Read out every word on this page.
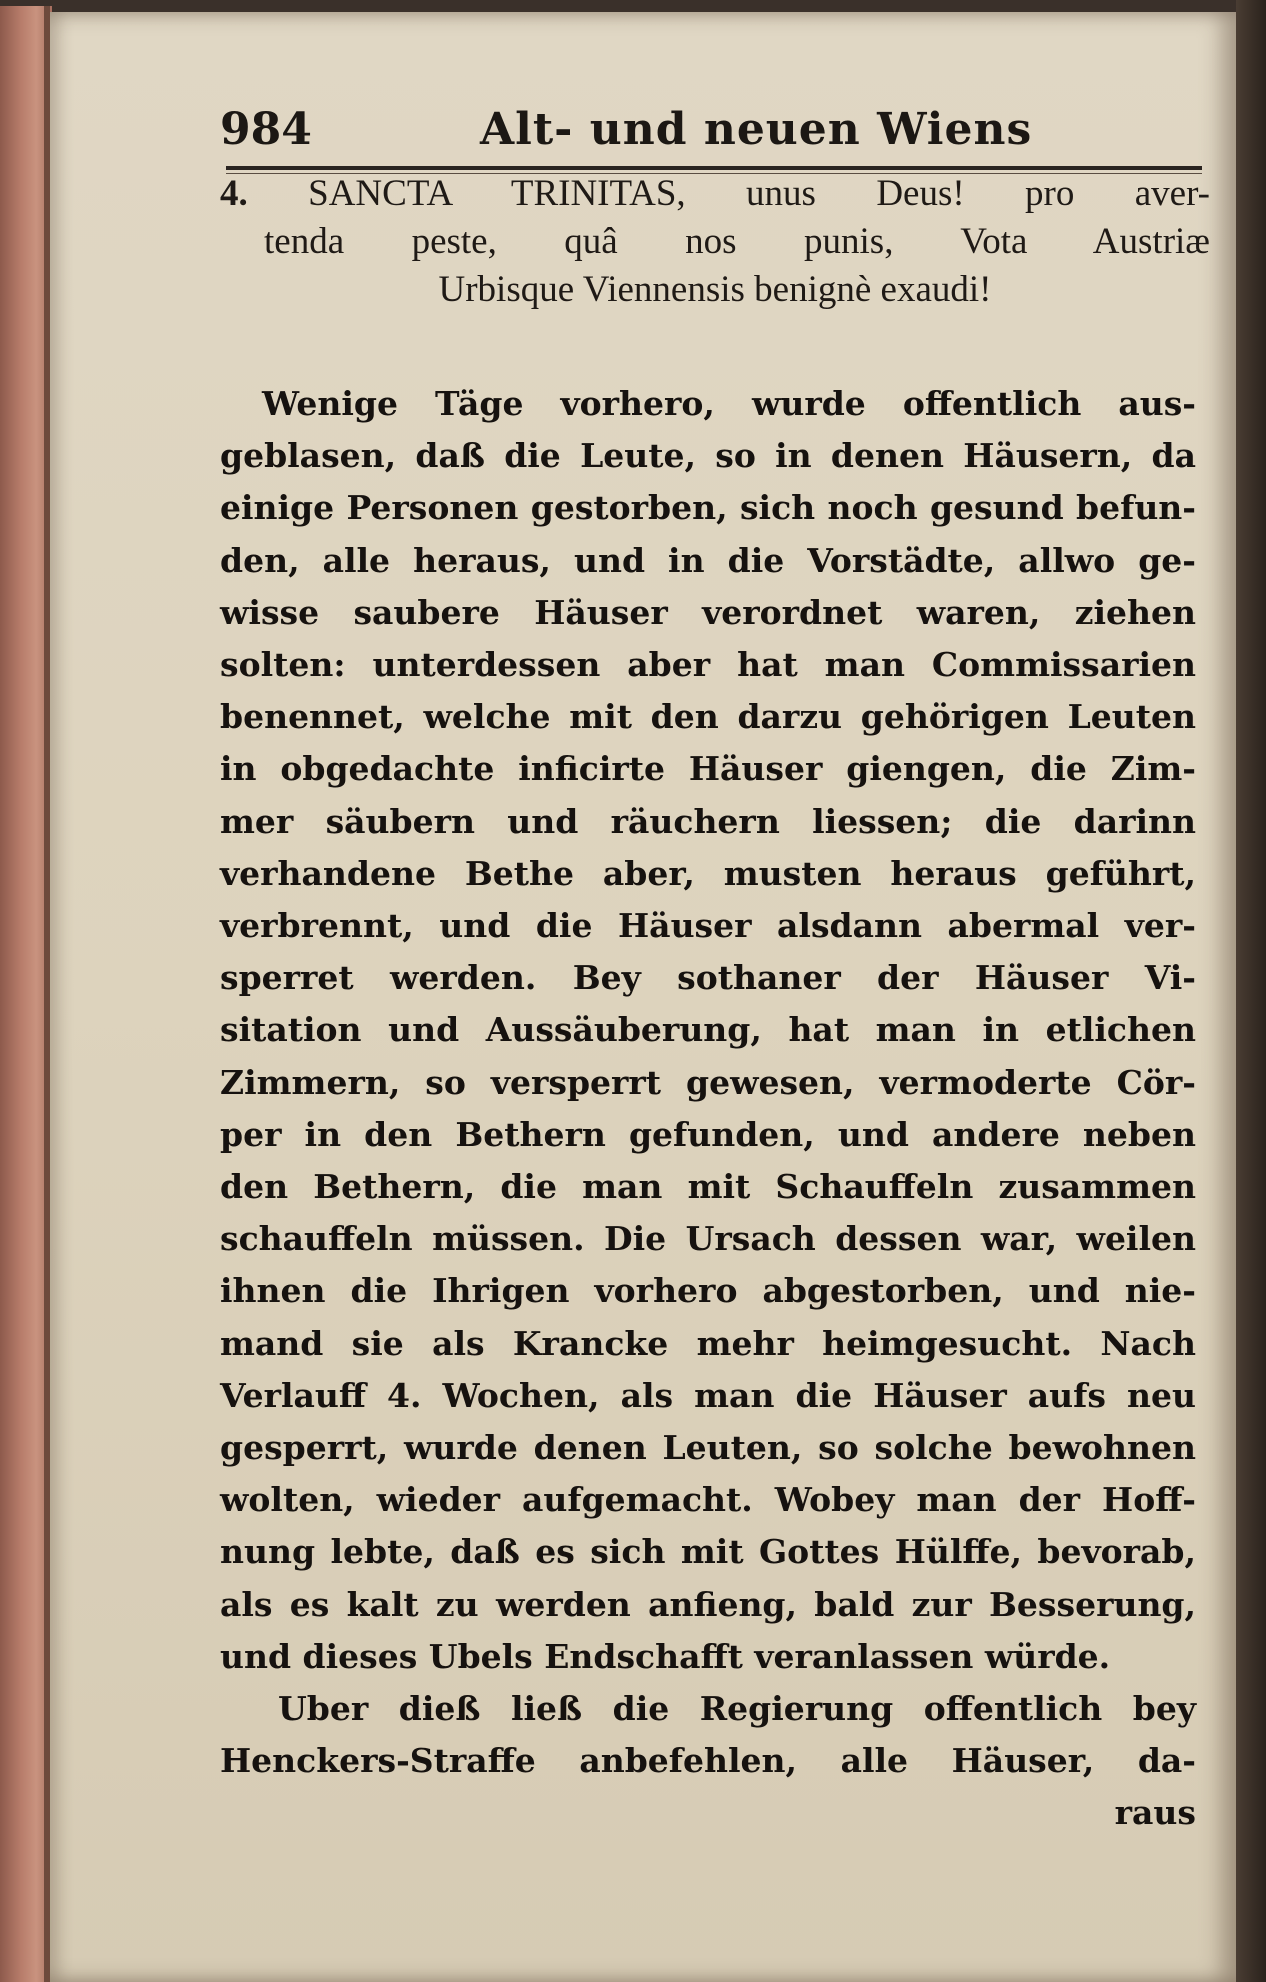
984	Alt- und neuen Wiens
4. SANCTA TRINITAS, unus Deus! pro aver-
tenda peste, quâ nos punis, Vota Austriæ
Urbisque Viennensis benignè exaudi!
Wenige Täge vorhero, wurde offentlich aus-
geblasen, daß die Leute, so in denen Häusern, da
einige Personen gestorben, sich noch gesund befun-
den, alle heraus, und in die Vorstädte, allwo ge-
wisse saubere Häuser verordnet waren, ziehen
solten: unterdessen aber hat man Commissarien
benennet, welche mit den darzu gehörigen Leuten
in obgedachte inficirte Häuser giengen, die Zim-
mer säubern und räuchern liessen; die darinn
verhandene Bethe aber, musten heraus geführt,
verbrennt, und die Häuser alsdann abermal ver-
sperret werden. Bey sothaner der Häuser Vi-
sitation und Aussäuberung, hat man in etlichen
Zimmern, so versperrt gewesen, vermoderte Cör-
per in den Bethern gefunden, und andere neben
den Bethern, die man mit Schauffeln zusammen
schauffeln müssen. Die Ursach dessen war, weilen
ihnen die Ihrigen vorhero abgestorben, und nie-
mand sie als Krancke mehr heimgesucht. Nach
Verlauff 4. Wochen, als man die Häuser aufs neu
gesperrt, wurde denen Leuten, so solche bewohnen
wolten, wieder aufgemacht. Wobey man der Hoff-
nung lebte, daß es sich mit Gottes Hülffe, bevorab,
als es kalt zu werden anfieng, bald zur Besserung,
und dieses Ubels Endschafft veranlassen würde.
Uber dieß ließ die Regierung offentlich bey
Henckers-Straffe anbefehlen, alle Häuser, da-
raus
